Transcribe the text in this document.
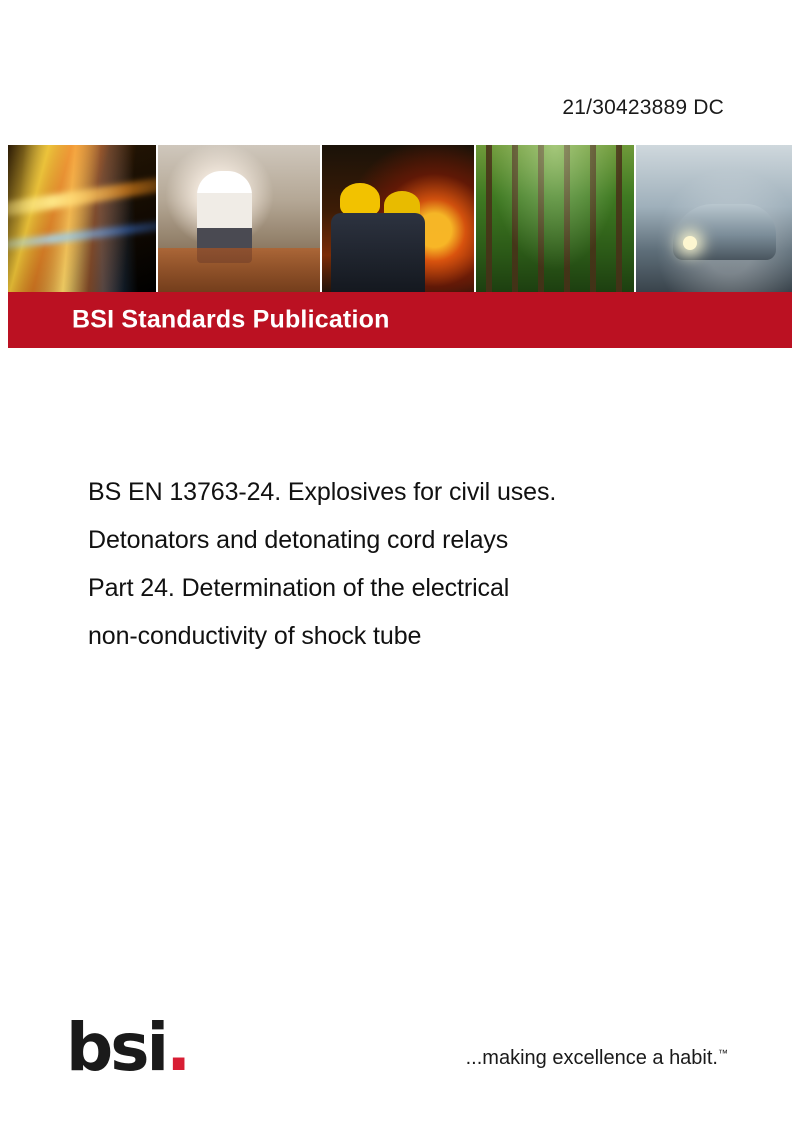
21/30423889 DC
BSI Standards Publication
BS EN 13763-24. Explosives for civil uses.
Detonators and detonating cord relays
Part 24. Determination of the electrical
non-conductivity of shock tube
bsi.	...making excellence a habit.™
